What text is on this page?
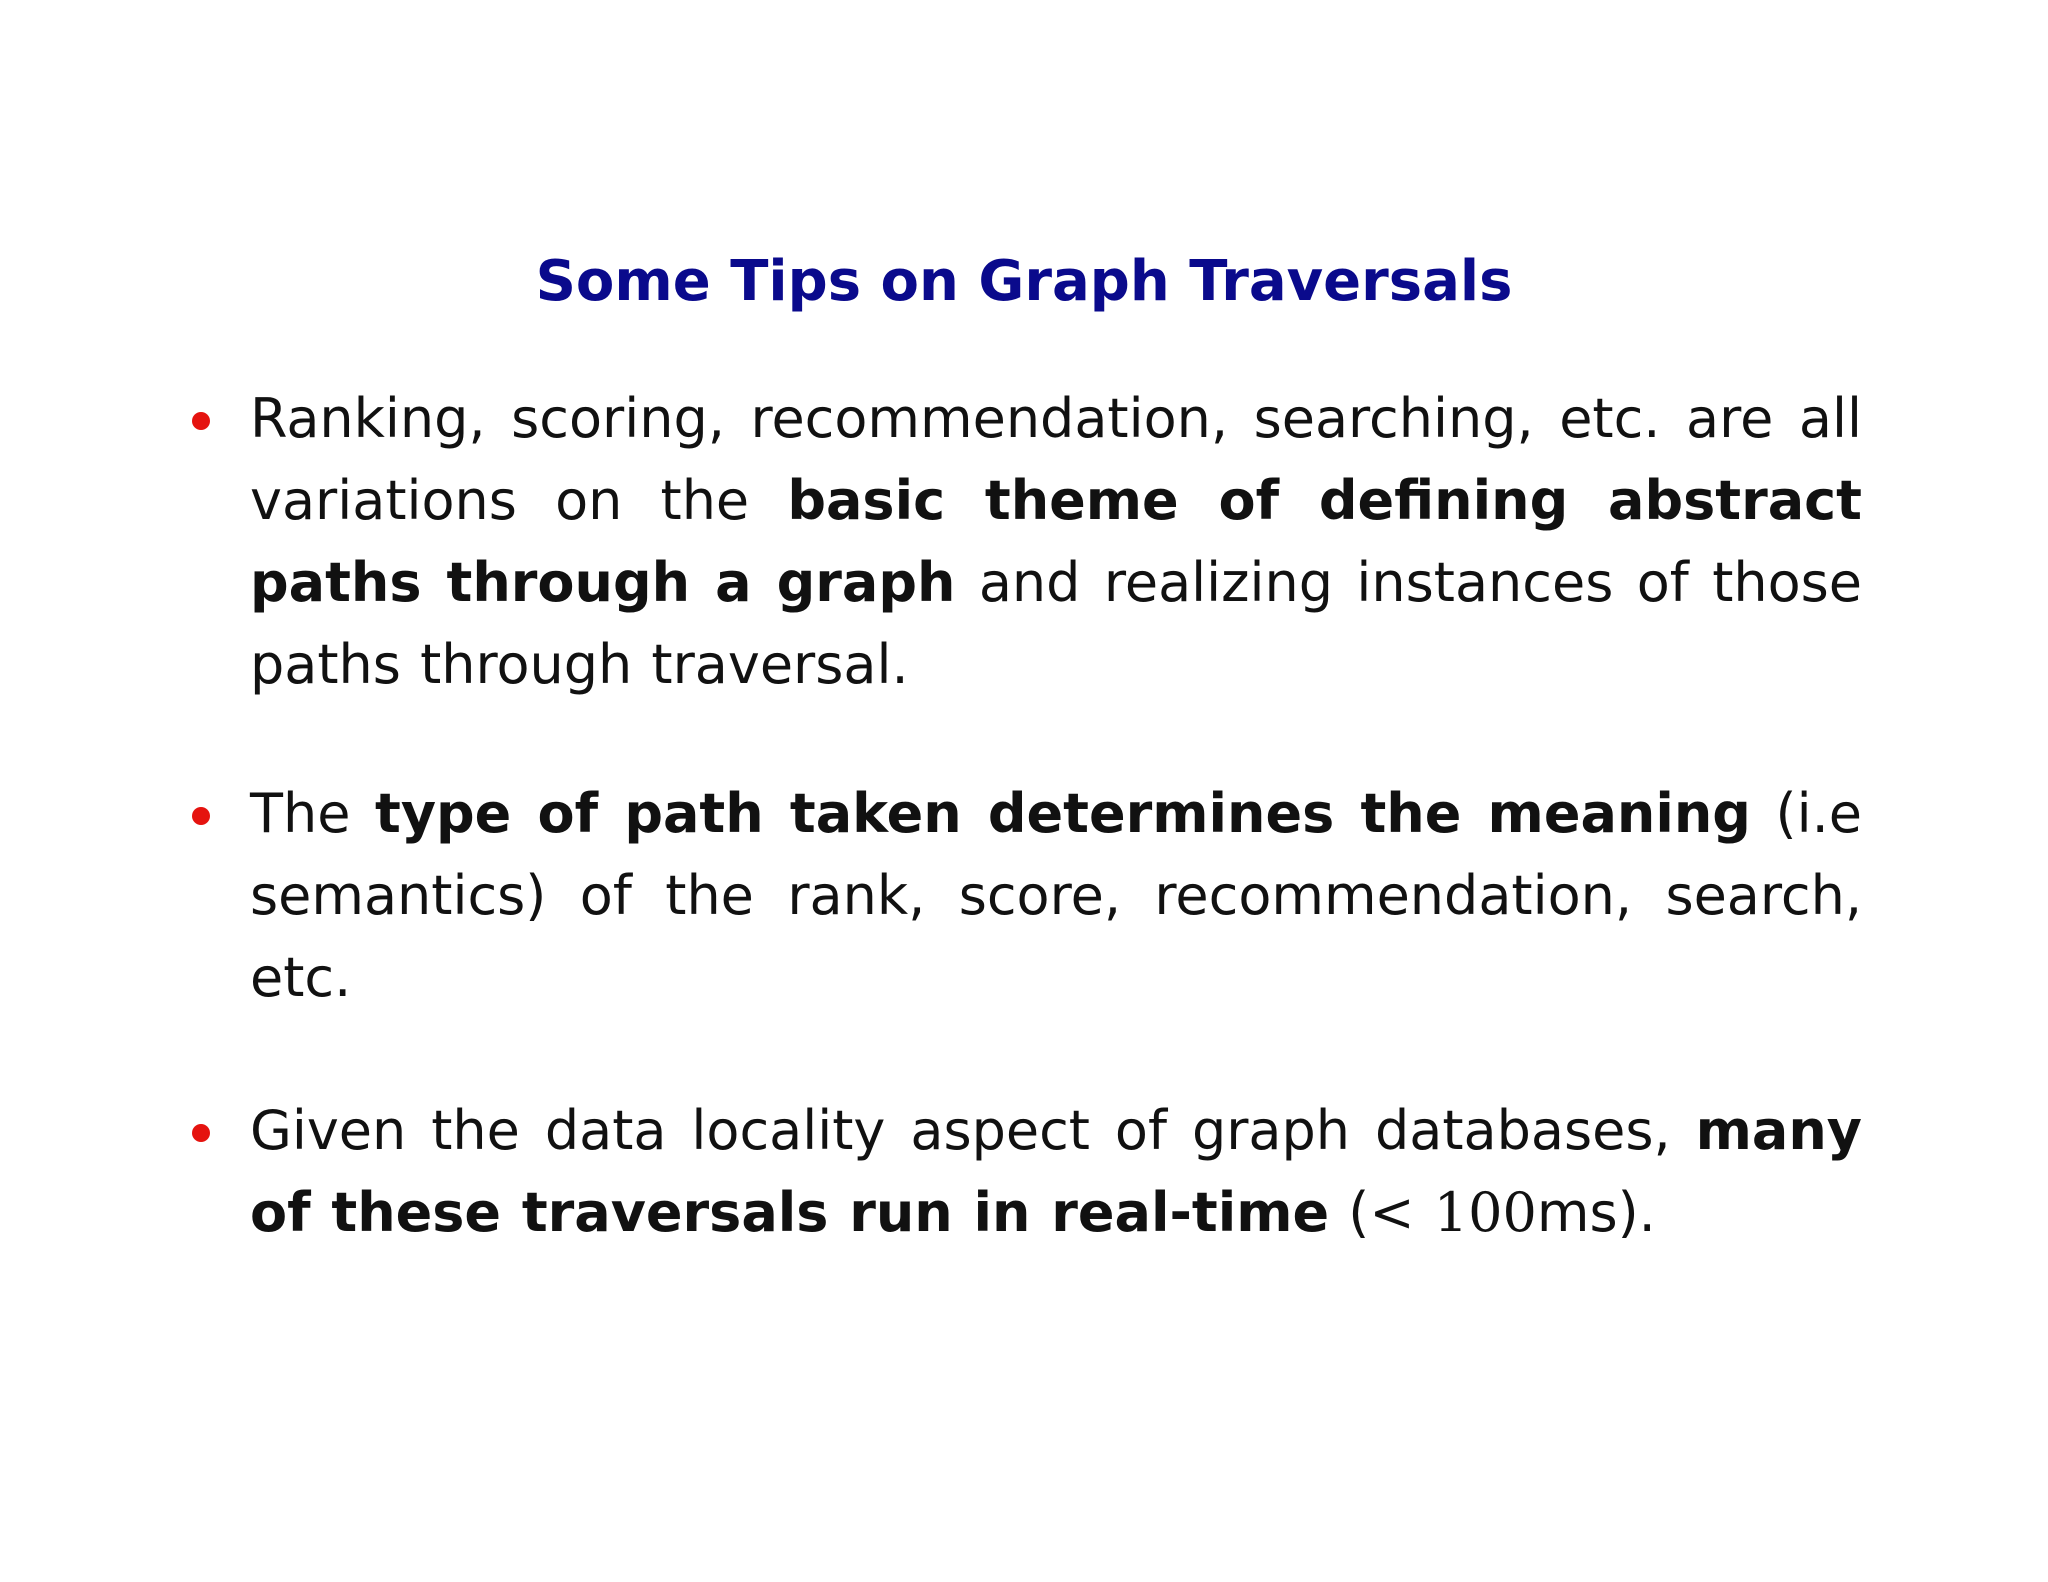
Some Tips on Graph Traversals
Ranking, scoring, recommendation, searching, etc. are all variations on the basic theme of defining abstract paths through a graph and realizing instances of those paths through traversal.
The type of path taken determines the meaning (i.e semantics) of the rank, score, recommendation, search, etc.
Given the data locality aspect of graph databases, many of these traversals run in real-time (< 100ms).
